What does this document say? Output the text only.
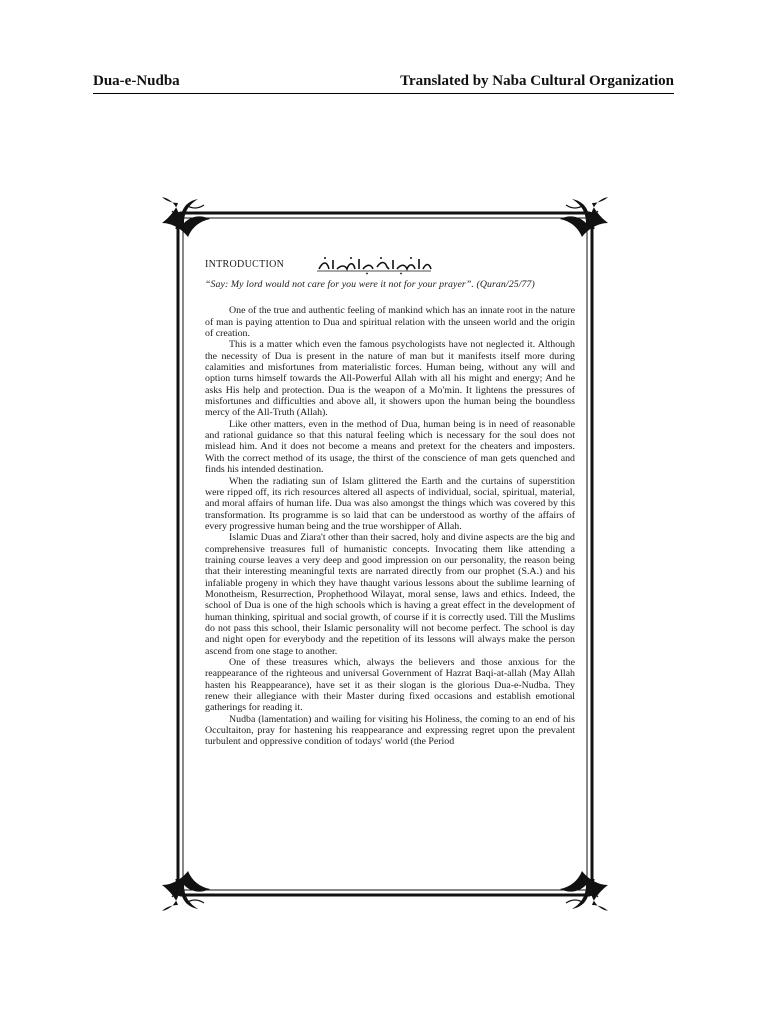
Dua-e-Nudba	Translated by Naba Cultural Organization
INTRODUCTION
“Say: My lord would not care for you were it not for your prayer”. (Quran/25/77)

One of the true and authentic feeling of mankind which has an innate root in the nature of man is paying attention to Dua and spiritual relation with the unseen world and the origin of creation.

This is a matter which even the famous psychologists have not neglected it. Although the necessity of Dua is present in the nature of man but it manifests itself more during calamities and misfortunes from materialistic forces. Human being, without any will and option turns himself towards the All-Powerful Allah with all his might and energy; And he asks His help and protection. Dua is the weapon of a Mo'min. It lightens the pressures of misfortunes and difficulties and above all, it showers upon the human being the boundless mercy of the All-Truth (Allah).

Like other matters, even in the method of Dua, human being is in need of reasonable and rational guidance so that this natural feeling which is necessary for the soul does not mislead him. And it does not become a means and pretext for the cheaters and imposters. With the correct method of its usage, the thirst of the conscience of man gets quenched and finds his intended destination.

When the radiating sun of Islam glittered the Earth and the curtains of superstition were ripped off, its rich resources altered all aspects of individual, social, spiritual, material, and moral affairs of human life. Dua was also amongst the things which was covered by this transformation. Its programme is so laid that can be understood as worthy of the affairs of every progressive human being and the true worshipper of Allah.

Islamic Duas and Ziara't other than their sacred, holy and divine aspects are the big and comprehensive treasures full of humanistic concepts. Invocating them like attending a training course leaves a very deep and good impression on our personality, the reason being that their interesting meaningful texts are narrated directly from our prophet (S.A.) and his infaliable progeny in which they have thaught various lessons about the sublime learning of Monotheism, Resurrection, Prophethood Wilayat, moral sense, laws and ethics. Indeed, the school of Dua is one of the high schools which is having a great effect in the development of human thinking, spiritual and social growth, of course if it is correctly used. Till the Muslims do not pass this school, their Islamic personality will not become perfect. The school is day and night open for everybody and the repetition of its lessons will always make the person ascend from one stage to another.

One of these treasures which, always the believers and those anxious for the reappearance of the righteous and universal Government of Hazrat Baqi-at-allah (May Allah hasten his Reappearance), have set it as their slogan is the glorious Dua-e-Nudba. They renew their allegiance with their Master during fixed occasions and establish emotional gatherings for reading it.

Nudba (lamentation) and wailing for visiting his Holiness, the coming to an end of his Occultaiton, pray for hastening his reappearance and expressing regret upon the prevalent turbulent and oppressive condition of todays' world (the Period
